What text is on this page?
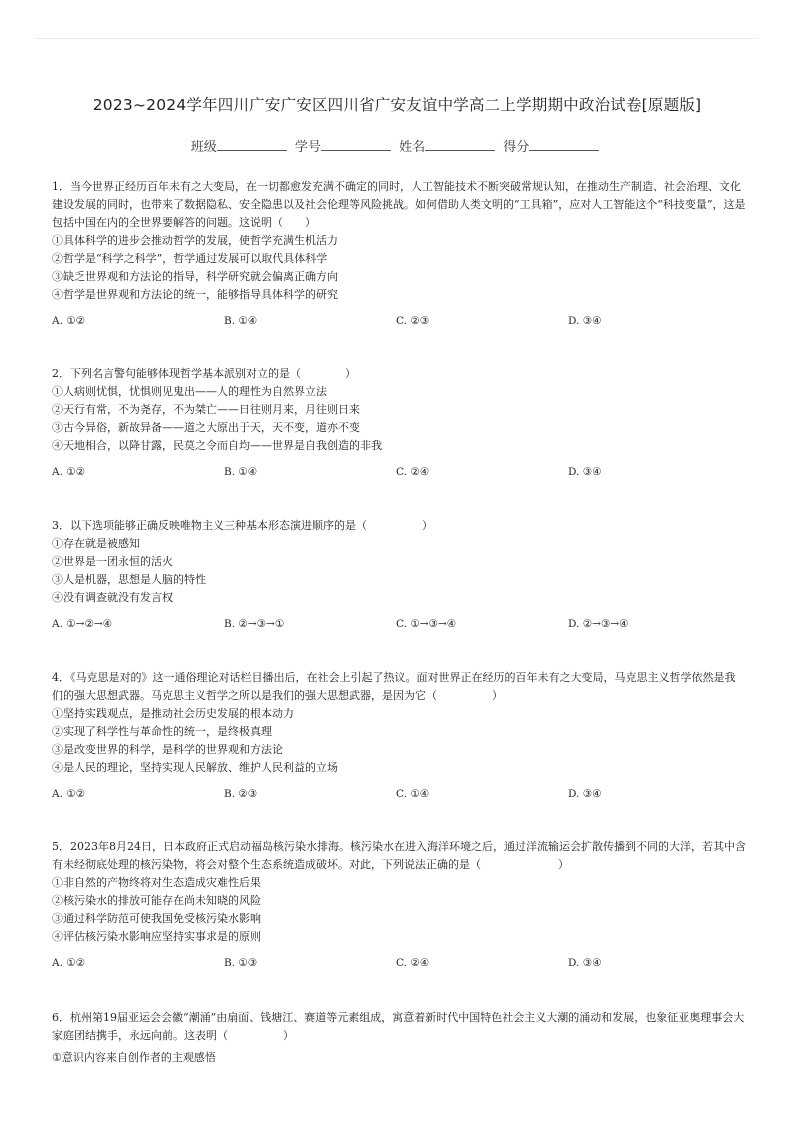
2023~2024学年四川广安广安区四川省广安友谊中学高二上学期期中政治试卷[原题版]
班级	学号	姓名	得分

1．当今世界正经历百年未有之大变局，在一切都愈发充满不确定的同时，人工智能技术不断突破常规认知，在推动生产制造、社会治理、文化建设发展的同时，也带来了数据隐私、安全隐患以及社会伦理等风险挑战。如何借助人类文明的“工具箱”，应对人工智能这个“科技变量”，这是包括中国在内的全世界要解答的问题。这说明（　　）

①具体科学的进步会推动哲学的发展，使哲学充满生机活力

②哲学是“科学之科学”，哲学通过发展可以取代具体科学

③缺乏世界观和方法论的指导，科学研究就会偏离正确方向

④哲学是世界观和方法论的统一，能够指导具体科学的研究

A. ①②	B. ①④	C. ②③	D. ③④

2．下列名言警句能够体现哲学基本派别对立的是（　　　　）

①人病则忧惧，忧惧则见鬼出——人的理性为自然界立法

②天行有常，不为尧存，不为桀亡——日往则月来，月往则日来

③古今异俗，新故异备——道之大原出于天，天不变，道亦不变

④天地相合，以降甘露，民莫之令而自均——世界是自我创造的非我

A. ①②	B. ①④	C. ②④	D. ③④

3．以下选项能够正确反映唯物主义三种基本形态演进顺序的是（　　　　　）

①存在就是被感知

②世界是一团永恒的活火

③人是机器，思想是人脑的特性

④没有调查就没有发言权

A. ①→②→④	B. ②→③→①	C. ①→③→④	D. ②→③→④

4．《马克思是对的》这一通俗理论对话栏目播出后，在社会上引起了热议。面对世界正在经历的百年未有之大变局，马克思主义哲学依然是我们的强大思想武器。马克思主义哲学之所以是我们的强大思想武器，是因为它（　　　　　）

①坚持实践观点，是推动社会历史发展的根本动力

②实现了科学性与革命性的统一，是终极真理

③是改变世界的科学，是科学的世界观和方法论

④是人民的理论，坚持实现人民解放、维护人民利益的立场

A. ①②	B. ②③	C. ①④	D. ③④

5．2023年8月24日，日本政府正式启动福岛核污染水排海。核污染水在进入海洋环境之后，通过洋流输运会扩散传播到不同的大洋，若其中含有未经彻底处理的核污染物，将会对整个生态系统造成破坏。对此，下列说法正确的是（　　　　　　　）

①非自然的产物终将对生态造成灾难性后果

②核污染水的排放可能存在尚未知晓的风险

③通过科学防范可使我国免受核污染水影响

④评估核污染水影响应坚持实事求是的原则

A. ①②	B. ①③	C. ②④	D. ③④

6．杭州第19届亚运会会徽“潮涌”由扇面、钱塘江、赛道等元素组成，寓意着新时代中国特色社会主义大潮的涌动和发展，也象征亚奥理事会大家庭团结携手，永远向前。这表明（　　　　　）

①意识内容来自创作者的主观感悟
